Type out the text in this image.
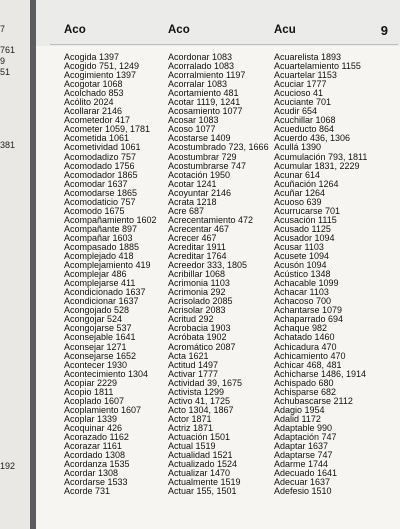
7
761
9
51
381
192
Aco	Aco	Acu	9
Acogida 1397
Acogido 751, 1249
Acogimiento 1397
Acogotar 1068
Acolchado 853
Acólito 2024
Acollarar 2146
Acometedor 417
Acometer 1059, 1781
Acometida 1061
Acometividad 1061
Acomodadizo 757
Acomodado 1756
Acomodador 1865
Acomodar 1637
Acomodarse 1865
Acomodaticio 757
Acomodo 1675
Acompañamiento 1602
Acompañante 897
Acompañar 1603
Acompasado 1885
Acomplejado 418
Acomplejamiento 419
Acomplejar 486
Acomplejarse 411
Acondicionado 1637
Acondicionar 1637
Acongojado 528
Acongojar 524
Acongojarse 537
Aconsejable 1641
Aconsejar 1271
Aconsejarse 1652
Acontecer 1930
Acontecimiento 1304
Acopiar 2229
Acopio 1811
Acoplado 1607
Acoplamiento 1607
Acoplar 1339
Acoquinar 426
Acorazado 1162
Acorazar 1161
Acordado 1308
Acordanza 1535
Acordar 1308
Acordarse 1533
Acorde 731
Acordonar 1083
Acorralado 1083
Acorralmiento 1197
Acorralar 1083
Acortamiento 481
Acotar 1119, 1241
Acosamiento 1077
Acosar 1083
Acoso 1077
Acostarse 1409
Acostumbrado 723, 1666
Acostumbrar 729
Acostumbrarse 747
Acotación 1950
Acotar 1241
Acoyuntar 2146
Acrata 1218
Acre 687
Acrecentamiento 472
Acrecentar 467
Acrecer 467
Acreditar 1911
Acreditar 1764
Acreedor 333, 1805
Acribillar 1068
Acrimonia 1103
Acrimonia 292
Acrisolado 2085
Acrisolar 2083
Acritud 292
Acrobacia 1903
Acróbata 1902
Acromático 2087
Acta 1621
Actitud 1497
Activar 1777
Actividad 39, 1675
Activista 1299
Activo 41, 1725
Acto 1304, 1867
Actor 1871
Actriz 1871
Actuación 1501
Actual 1519
Actualidad 1521
Actualizado 1524
Actualizar 1470
Actualmente 1519
Actuar 155, 1501
Acuarelista 1893
Acuartelamiento 1155
Acuartelar 1153
Acuciar 1777
Acucioso 41
Acuciante 701
Acudir 654
Acuchillar 1068
Acueducto 864
Acuerdo 436, 1306
Acullá 1390
Acumulación 793, 1811
Acumular 1831, 2229
Acunar 614
Acuñación 1264
Acuñar 1264
Acuoso 639
Acurrucarse 701
Acusación 1115
Acusado 1125
Acusador 1094
Acusar 1103
Acusete 1094
Acusón 1094
Acústico 1348
Achacable 1099
Achacar 1103
Achacoso 700
Achantarse 1079
Achaparrado 694
Achaque 982
Achatado 1460
Achicadura 470
Achicamiento 470
Achicar 468, 481
Achicharse 1486, 1914
Achispado 680
Achisparse 682
Achubascarse 2112
Adagio 1954
Adalid 1172
Adaptable 990
Adaptación 747
Adaptar 1637
Adaptarse 747
Adarme 1744
Adecuado 1641
Adecuar 1637
Adefesio 1510
